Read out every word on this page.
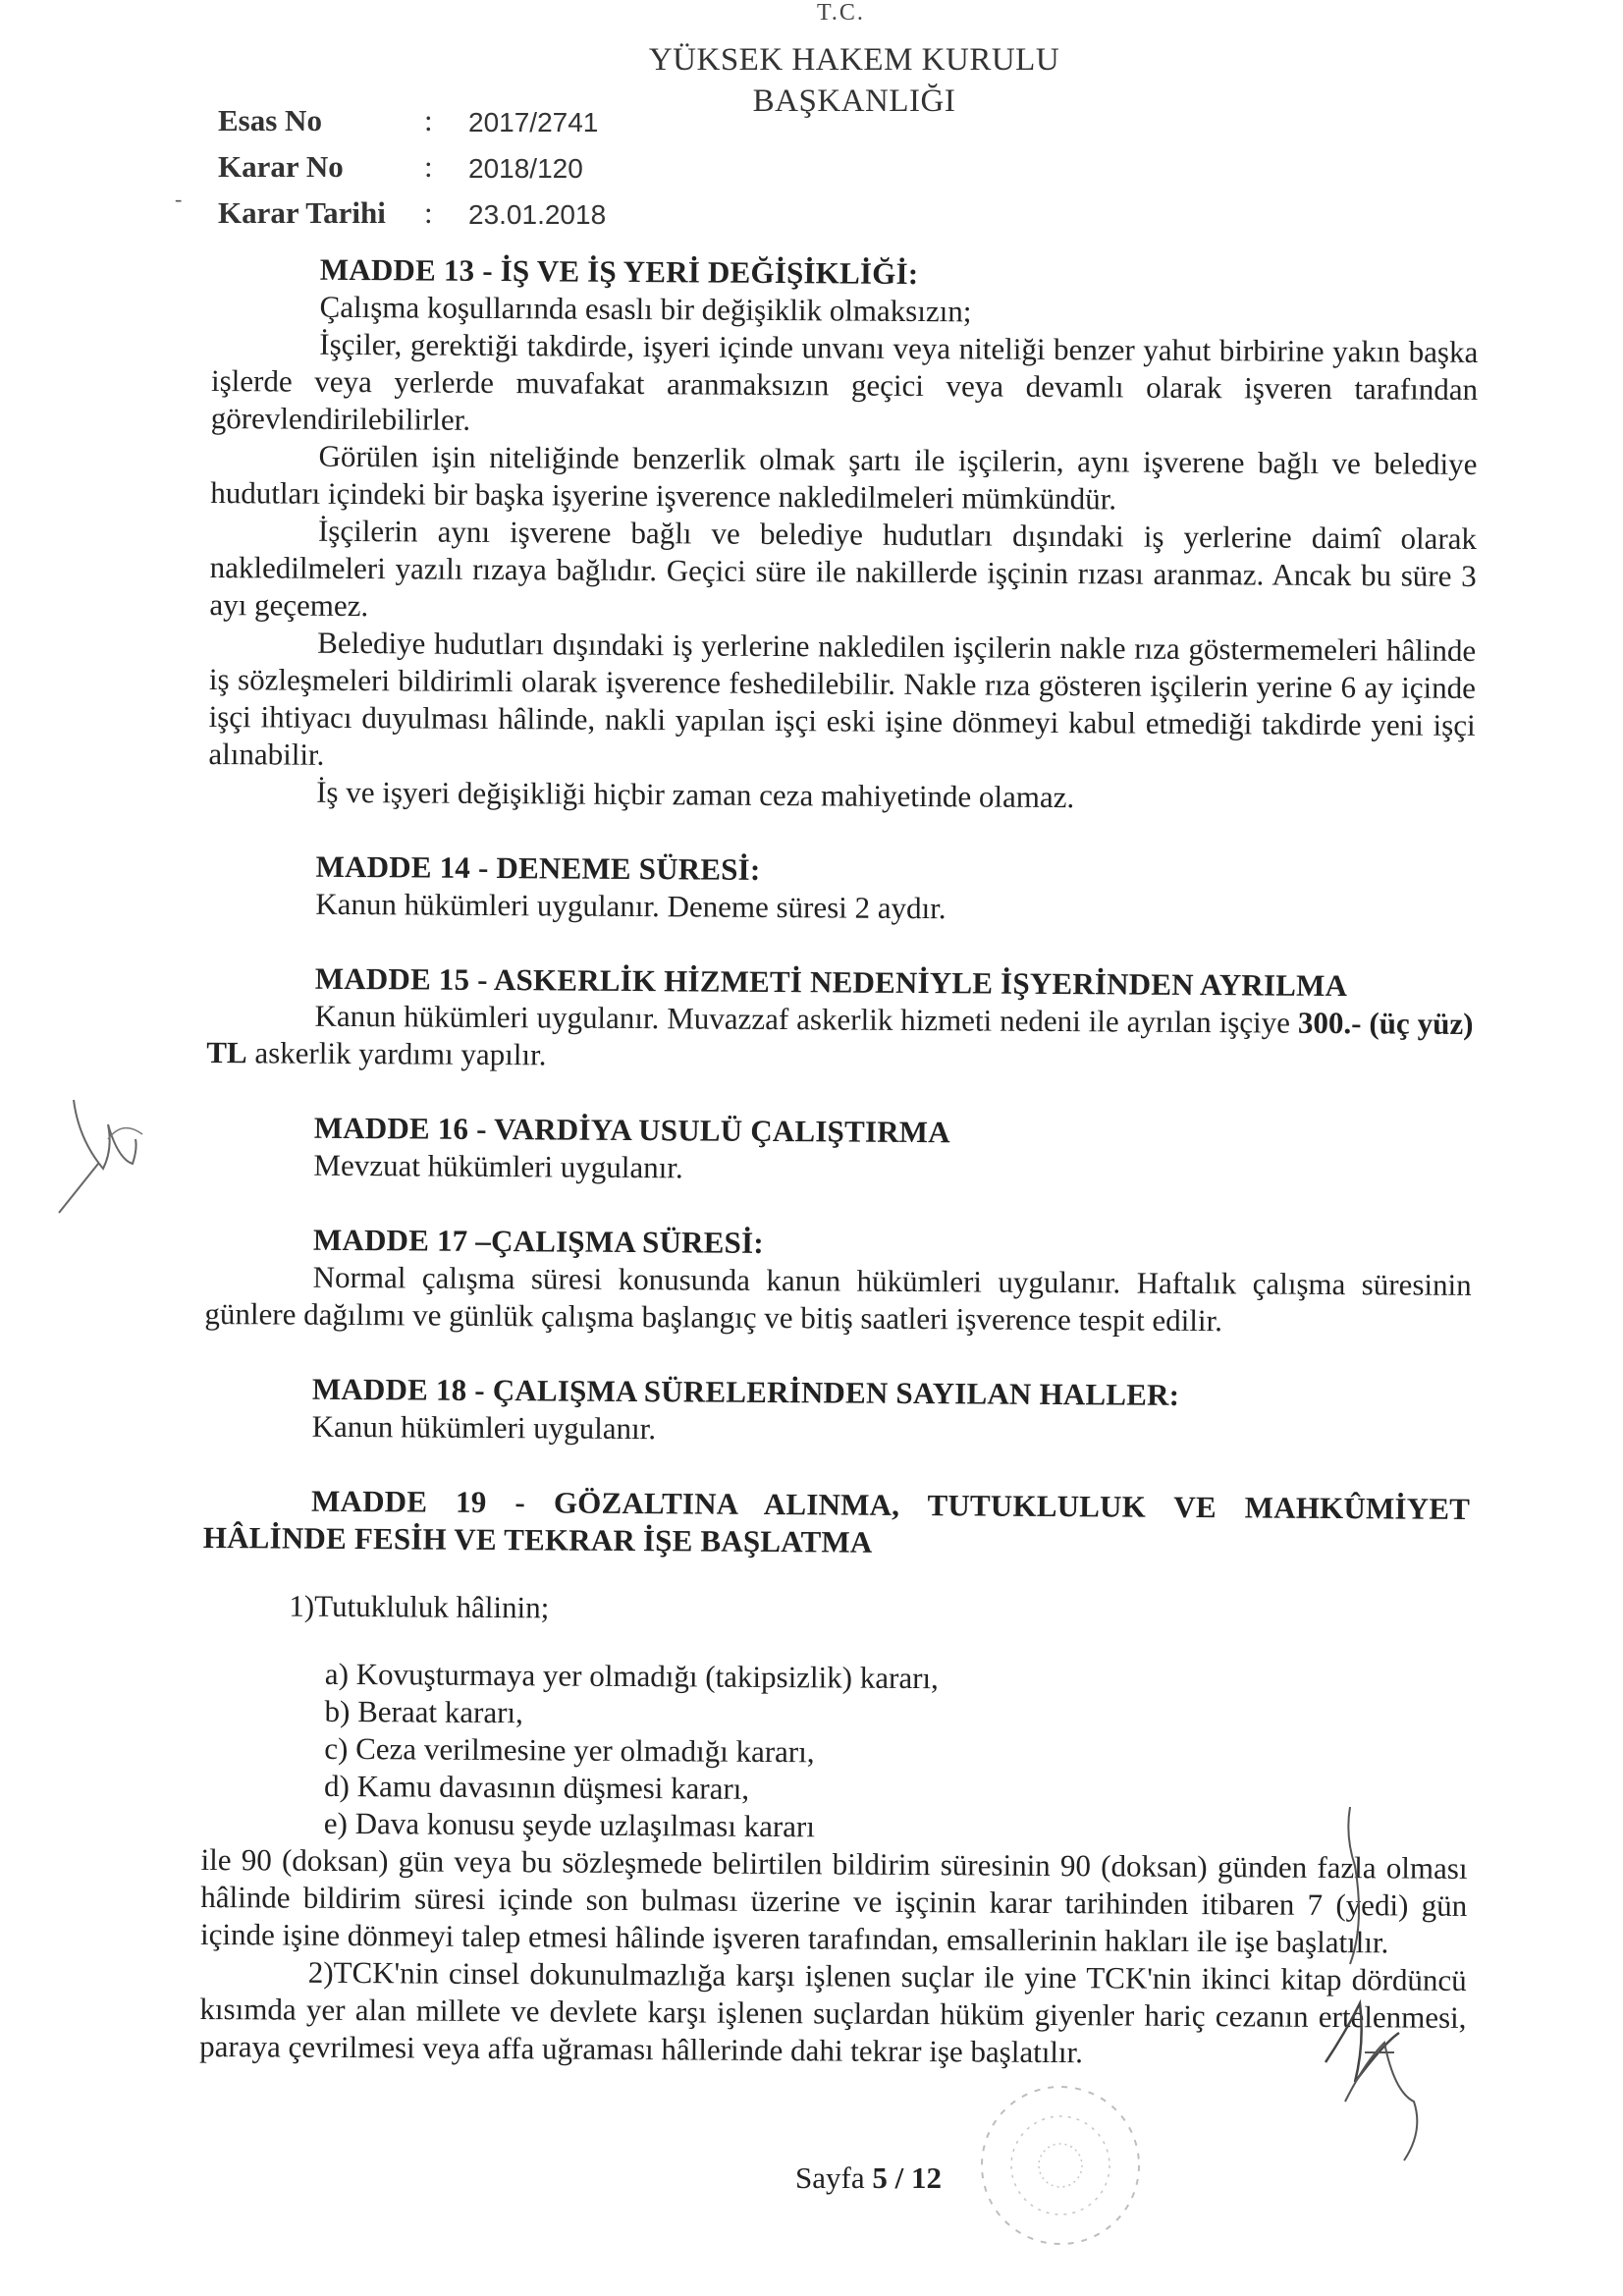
T.C.
YÜKSEK HAKEM KURULU
BAŞKANLIĞI
Esas No	:	2017/2741
Karar No	:	2018/120
Karar Tarihi	:	23.01.2018
MADDE 13 - İŞ VE İŞ YERİ DEĞİŞİKLİĞİ:

Çalışma koşullarında esaslı bir değişiklik olmaksızın;

İşçiler, gerektiği takdirde, işyeri içinde unvanı veya niteliği benzer yahut birbirine yakın başka işlerde veya yerlerde muvafakat aranmaksızın geçici veya devamlı olarak işveren tarafından görevlendirilebilirler.

Görülen işin niteliğinde benzerlik olmak şartı ile işçilerin, aynı işverene bağlı ve belediye hudutları içindeki bir başka işyerine işverence nakledilmeleri mümkündür.

İşçilerin aynı işverene bağlı ve belediye hudutları dışındaki iş yerlerine daimî olarak nakledilmeleri yazılı rızaya bağlıdır. Geçici süre ile nakillerde işçinin rızası aranmaz. Ancak bu süre 3 ayı geçemez.

Belediye hudutları dışındaki iş yerlerine nakledilen işçilerin nakle rıza göstermemeleri hâlinde iş sözleşmeleri bildirimli olarak işverence feshedilebilir. Nakle rıza gösteren işçilerin yerine 6 ay içinde işçi ihtiyacı duyulması hâlinde, nakli yapılan işçi eski işine dönmeyi kabul etmediği takdirde yeni işçi alınabilir.

İş ve işyeri değişikliği hiçbir zaman ceza mahiyetinde olamaz.

MADDE 14 - DENEME SÜRESİ:

Kanun hükümleri uygulanır. Deneme süresi 2 aydır.

MADDE 15 - ASKERLİK HİZMETİ NEDENİYLE İŞYERİNDEN AYRILMA

Kanun hükümleri uygulanır. Muvazzaf askerlik hizmeti nedeni ile ayrılan işçiye 300.- (üç yüz) TL askerlik yardımı yapılır.

MADDE 16 - VARDİYA USULÜ ÇALIŞTIRMA

Mevzuat hükümleri uygulanır.

MADDE 17 –ÇALIŞMA SÜRESİ:

Normal çalışma süresi konusunda kanun hükümleri uygulanır. Haftalık çalışma süresinin günlere dağılımı ve günlük çalışma başlangıç ve bitiş saatleri işverence tespit edilir.

MADDE 18 - ÇALIŞMA SÜRELERİNDEN SAYILAN HALLER:

Kanun hükümleri uygulanır.

MADDE 19 - GÖZALTINA ALINMA, TUTUKLULUK VE MAHKÛMİYET HÂLİNDE FESİH VE TEKRAR İŞE BAŞLATMA

1)Tutukluluk hâlinin;

a) Kovuşturmaya yer olmadığı (takipsizlik) kararı,
b) Beraat kararı,
c) Ceza verilmesine yer olmadığı kararı,
d) Kamu davasının düşmesi kararı,
e) Dava konusu şeyde uzlaşılması kararı

ile 90 (doksan) gün veya bu sözleşmede belirtilen bildirim süresinin 90 (doksan) günden fazla olması hâlinde bildirim süresi içinde son bulması üzerine ve işçinin karar tarihinden itibaren 7 (yedi) gün içinde işine dönmeyi talep etmesi hâlinde işveren tarafından, emsallerinin hakları ile işe başlatılır.

2)TCK'nin cinsel dokunulmazlığa karşı işlenen suçlar ile yine TCK'nin ikinci kitap dördüncü kısımda yer alan millete ve devlete karşı işlenen suçlardan hüküm giyenler hariç cezanın ertelenmesi, paraya çevrilmesi veya affa uğraması hâllerinde dahi tekrar işe başlatılır.

Sayfa 5 / 12
-
